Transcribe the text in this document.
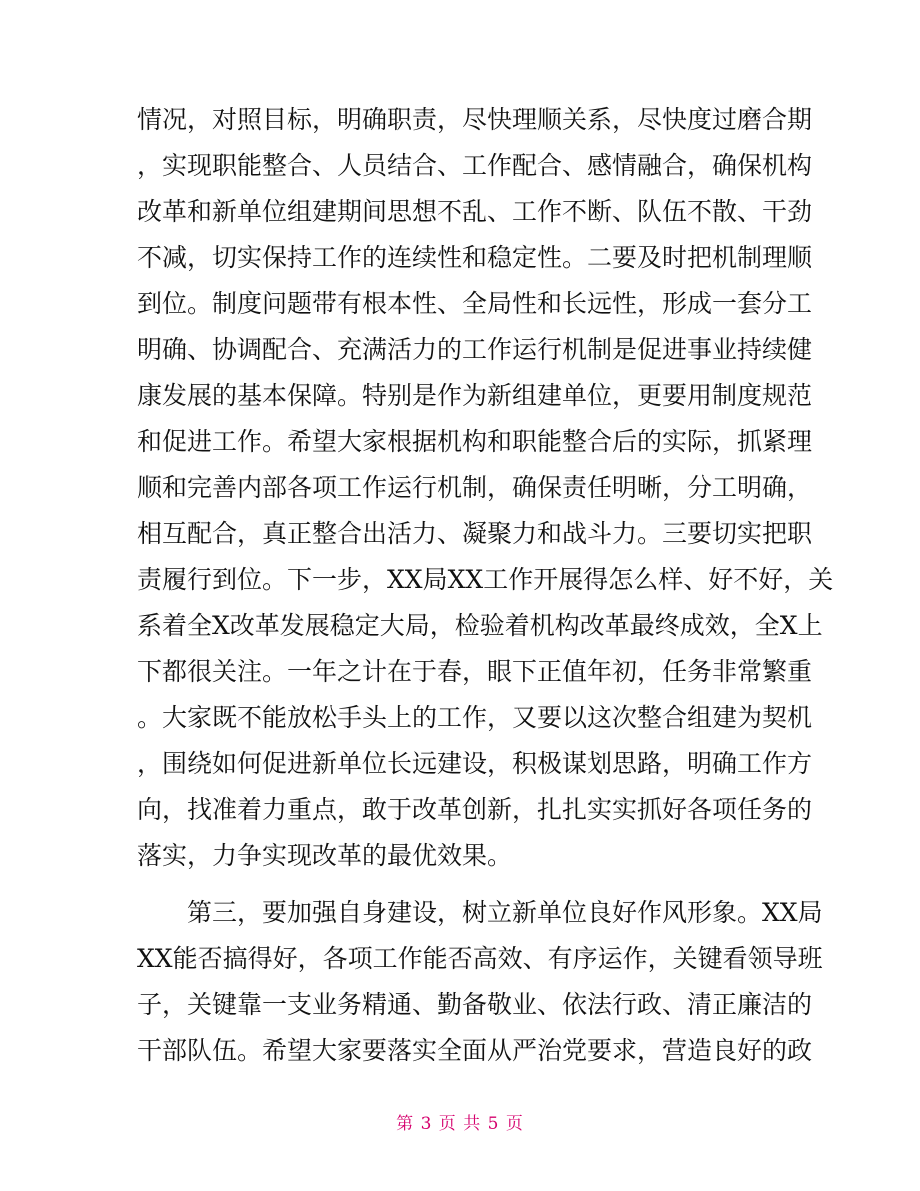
情况，对照目标，明确职责，尽快理顺关系，尽快度过磨合期
，实现职能整合、人员结合、工作配合、感情融合，确保机构
改革和新单位组建期间思想不乱、工作不断、队伍不散、干劲
不减，切实保持工作的连续性和稳定性。二要及时把机制理顺
到位。制度问题带有根本性、全局性和长远性，形成一套分工
明确、协调配合、充满活力的工作运行机制是促进事业持续健
康发展的基本保障。特别是作为新组建单位，更要用制度规范
和促进工作。希望大家根据机构和职能整合后的实际，抓紧理
顺和完善内部各项工作运行机制，确保责任明晰，分工明确，
相互配合，真正整合出活力、凝聚力和战斗力。三要切实把职
责履行到位。下一步，XX局XX工作开展得怎么样、好不好，关
系着全X改革发展稳定大局，检验着机构改革最终成效，全X上
下都很关注。一年之计在于春，眼下正值年初，任务非常繁重
。大家既不能放松手头上的工作，又要以这次整合组建为契机
，围绕如何促进新单位长远建设，积极谋划思路，明确工作方
向，找准着力重点，敢于改革创新，扎扎实实抓好各项任务的
落实，力争实现改革的最优效果。
　　第三，要加强自身建设，树立新单位良好作风形象。XX局
XX能否搞得好，各项工作能否高效、有序运作，关键看领导班
子，关键靠一支业务精通、勤备敬业、依法行政、清正廉洁的
干部队伍。希望大家要落实全面从严治党要求，营造良好的政
第 3 页 共 5 页
